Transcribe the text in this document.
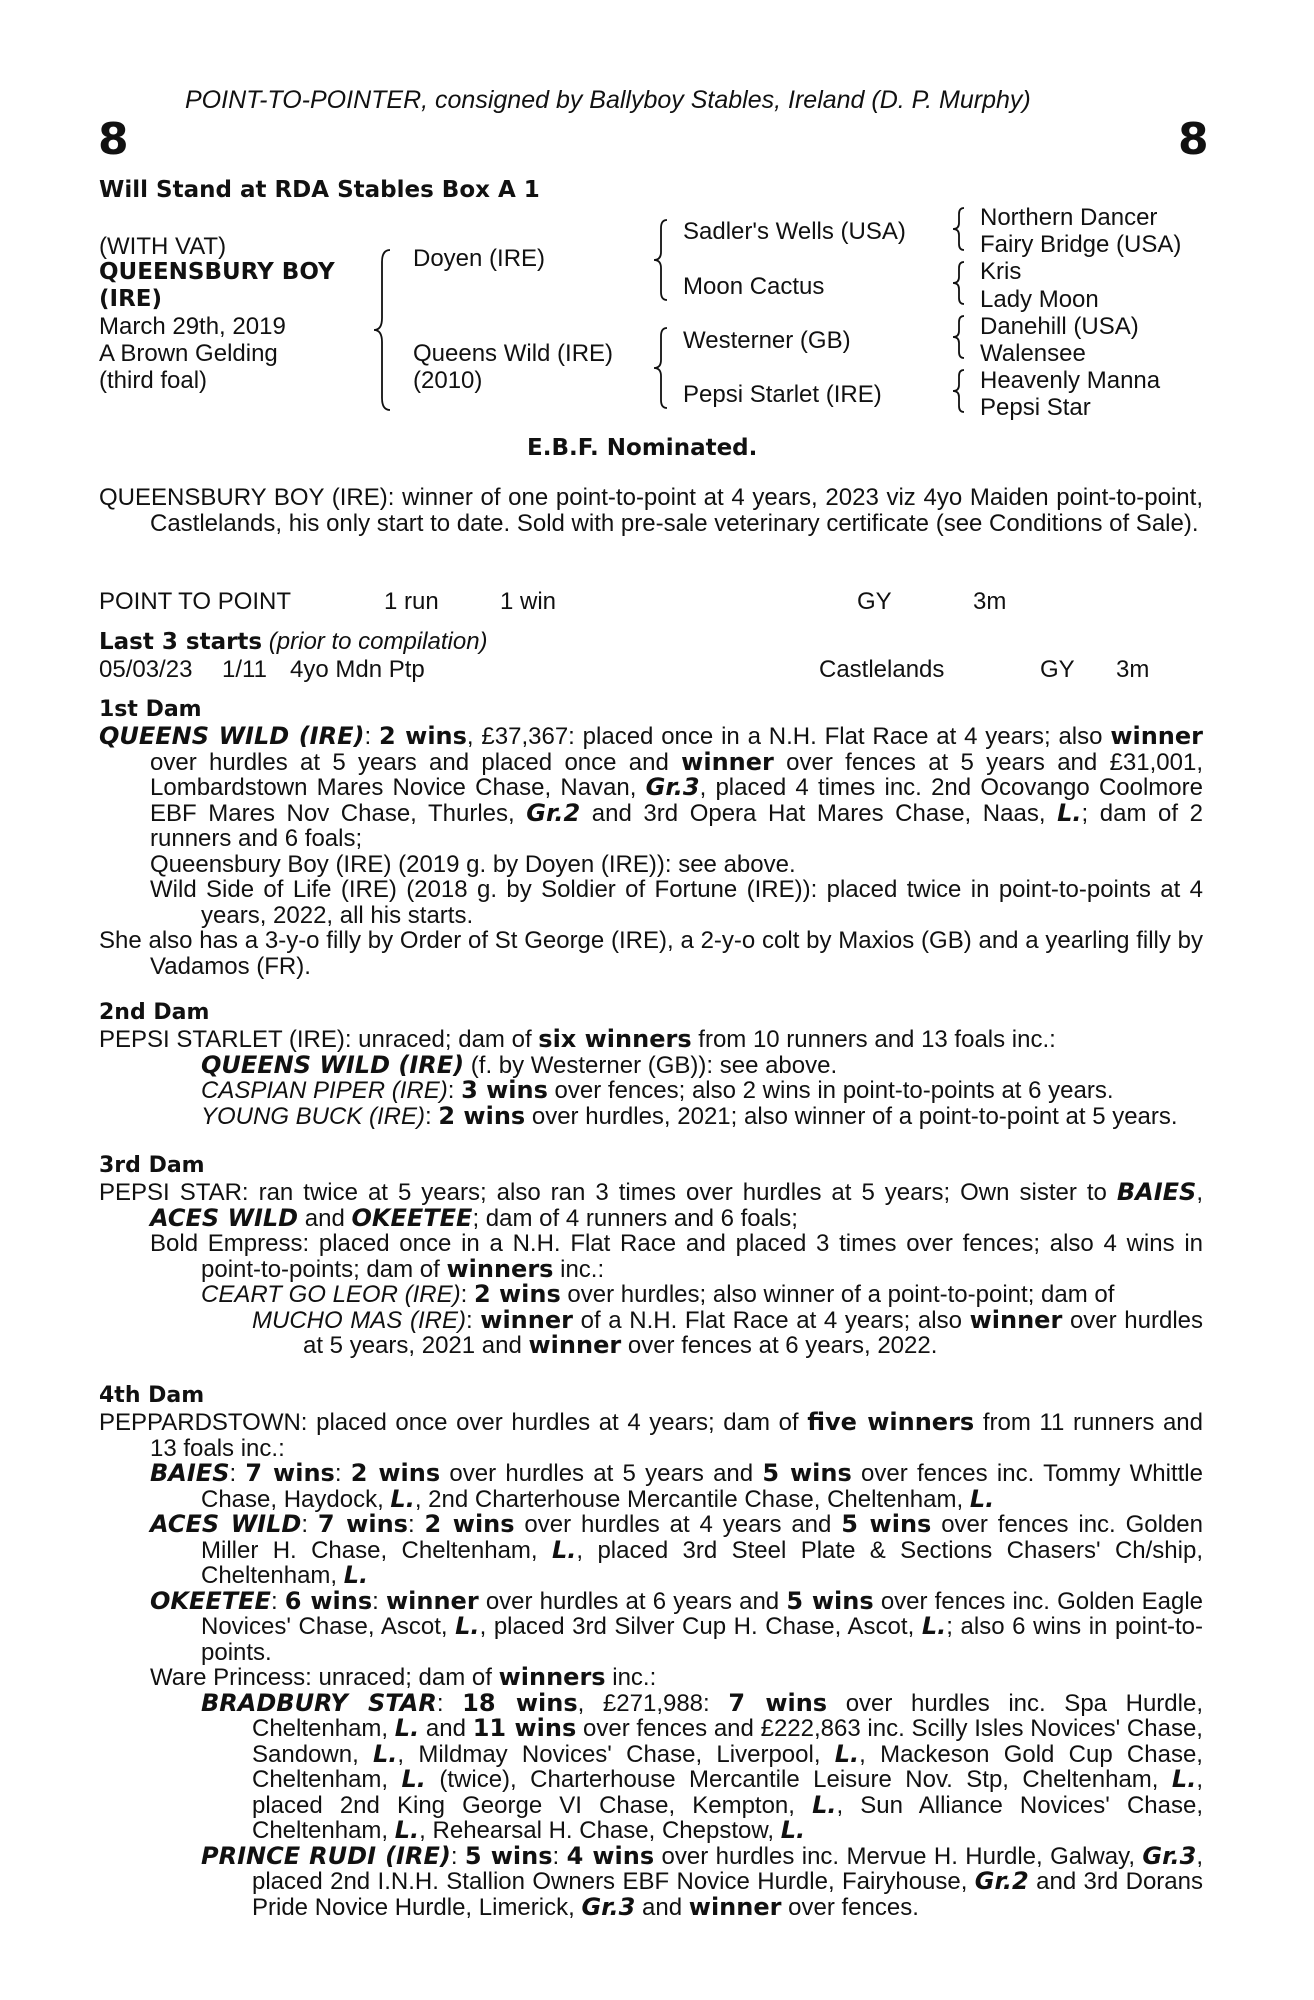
POINT-TO-POINTER, consigned by Ballyboy Stables, Ireland (D. P. Murphy)
8	8
Will Stand at RDA Stables Box A 1
(WITH VAT)
QUEENSBURY BOY
(IRE)
March 29th, 2019
A Brown Gelding
(third foal)
Doyen (IRE)
Queens Wild (IRE)
(2010)
Sadler's Wells (USA)
Moon Cactus
Westerner (GB)
Pepsi Starlet (IRE)
Northern Dancer
Fairy Bridge (USA)
Kris
Lady Moon
Danehill (USA)
Walensee
Heavenly Manna
Pepsi Star
E.B.F. Nominated.

QUEENSBURY BOY (IRE): winner of one point-to-point at 4 years, 2023 viz 4yo Maiden point-to-point, Castlelands, his only start to date. Sold with pre-sale veterinary certificate (see Conditions of Sale).

POINT TO POINT	1 run	1 win	GY	3m
Last 3 starts (prior to compilation)
05/03/23 1/11 4yo Mdn Ptp	Castlelands	GY 3m
1st Dam

QUEENS WILD (IRE): 2 wins, £37,367: placed once in a N.H. Flat Race at 4 years; also winner over hurdles at 5 years and placed once and winner over fences at 5 years and £31,001, Lombardstown Mares Novice Chase, Navan, Gr.3, placed 4 times inc. 2nd Ocovango Coolmore EBF Mares Nov Chase, Thurles, Gr.2 and 3rd Opera Hat Mares Chase, Naas, L.; dam of 2 runners and 6 foals;

Queensbury Boy (IRE) (2019 g. by Doyen (IRE)): see above.

Wild Side of Life (IRE) (2018 g. by Soldier of Fortune (IRE)): placed twice in point-to-points at 4 years, 2022, all his starts.

She also has a 3-y-o filly by Order of St George (IRE), a 2-y-o colt by Maxios (GB) and a yearling filly by Vadamos (FR).

2nd Dam

PEPSI STARLET (IRE): unraced; dam of six winners from 10 runners and 13 foals inc.:

QUEENS WILD (IRE) (f. by Westerner (GB)): see above.

CASPIAN PIPER (IRE): 3 wins over fences; also 2 wins in point-to-points at 6 years.

YOUNG BUCK (IRE): 2 wins over hurdles, 2021; also winner of a point-to-point at 5 years.

3rd Dam

PEPSI STAR: ran twice at 5 years; also ran 3 times over hurdles at 5 years; Own sister to BAIES, ACES WILD and OKEETEE; dam of 4 runners and 6 foals;

Bold Empress: placed once in a N.H. Flat Race and placed 3 times over fences; also 4 wins in point-to-points; dam of winners inc.:

CEART GO LEOR (IRE): 2 wins over hurdles; also winner of a point-to-point; dam of

MUCHO MAS (IRE): winner of a N.H. Flat Race at 4 years; also winner over hurdles at 5 years, 2021 and winner over fences at 6 years, 2022.

4th Dam

PEPPARDSTOWN: placed once over hurdles at 4 years; dam of five winners from 11 runners and 13 foals inc.:

BAIES: 7 wins: 2 wins over hurdles at 5 years and 5 wins over fences inc. Tommy Whittle Chase, Haydock, L., 2nd Charterhouse Mercantile Chase, Cheltenham, L.

ACES WILD: 7 wins: 2 wins over hurdles at 4 years and 5 wins over fences inc. Golden Miller H. Chase, Cheltenham, L., placed 3rd Steel Plate & Sections Chasers' Ch/ship, Cheltenham, L.

OKEETEE: 6 wins: winner over hurdles at 6 years and 5 wins over fences inc. Golden Eagle Novices' Chase, Ascot, L., placed 3rd Silver Cup H. Chase, Ascot, L.; also 6 wins in point-to-points.

Ware Princess: unraced; dam of winners inc.:

BRADBURY STAR: 18 wins, £271,988: 7 wins over hurdles inc. Spa Hurdle, Cheltenham, L. and 11 wins over fences and £222,863 inc. Scilly Isles Novices' Chase, Sandown, L., Mildmay Novices' Chase, Liverpool, L., Mackeson Gold Cup Chase, Cheltenham, L. (twice), Charterhouse Mercantile Leisure Nov. Stp, Cheltenham, L., placed 2nd King George VI Chase, Kempton, L., Sun Alliance Novices' Chase, Cheltenham, L., Rehearsal H. Chase, Chepstow, L.

PRINCE RUDI (IRE): 5 wins: 4 wins over hurdles inc. Mervue H. Hurdle, Galway, Gr.3, placed 2nd I.N.H. Stallion Owners EBF Novice Hurdle, Fairyhouse, Gr.2 and 3rd Dorans Pride Novice Hurdle, Limerick, Gr.3 and winner over fences.
